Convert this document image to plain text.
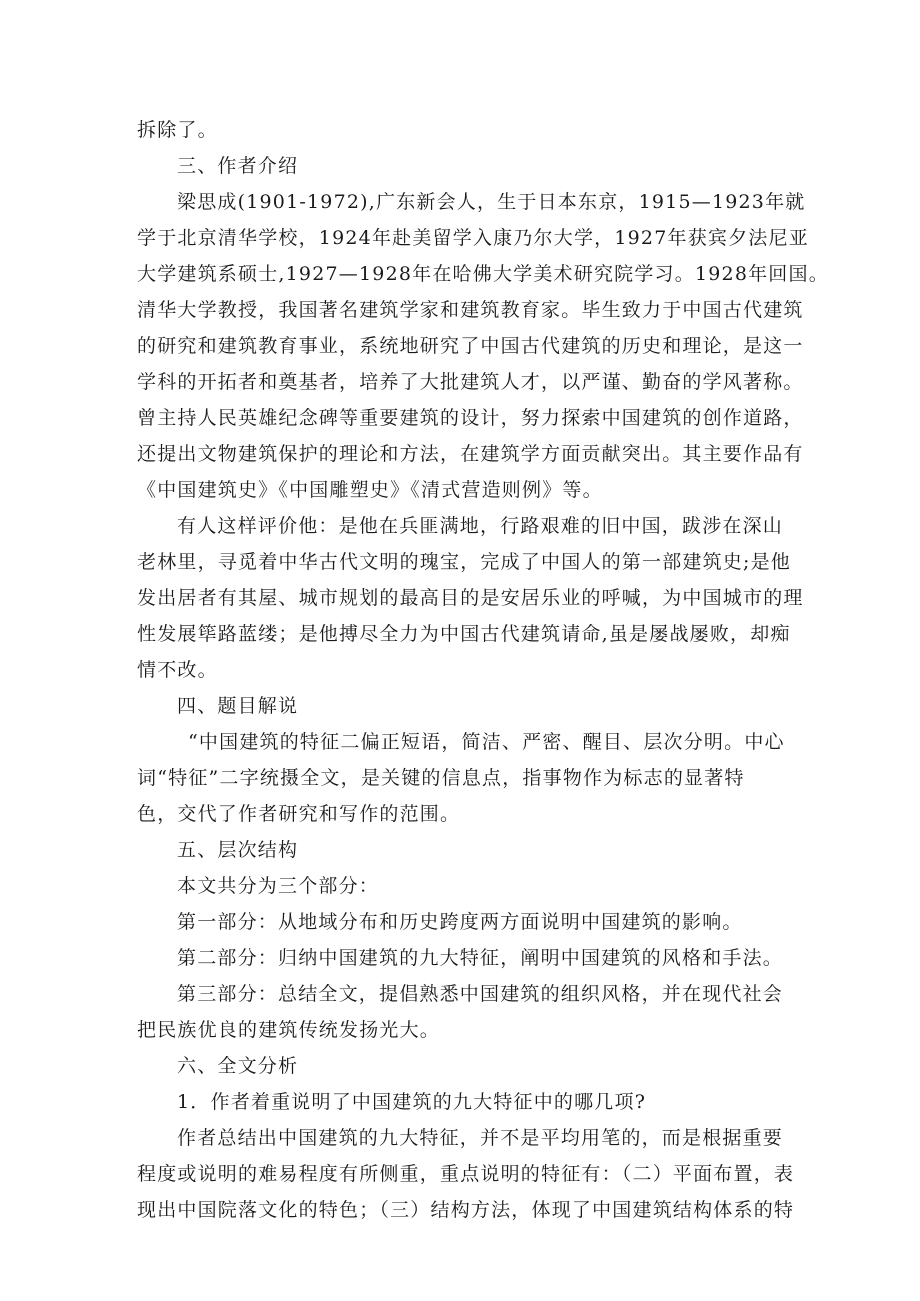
拆除了。
三、作者介绍
梁思成(1901-1972),广东新会人，生于日本东京，1915—1923年就
学于北京清华学校，1924年赴美留学入康乃尔大学，1927年获宾夕法尼亚
大学建筑系硕士,1927—1928年在哈佛大学美术研究院学习。1928年回国。
清华大学教授，我国著名建筑学家和建筑教育家。毕生致力于中国古代建筑
的研究和建筑教育事业，系统地研究了中国古代建筑的历史和理论，是这一
学科的开拓者和奠基者，培养了大批建筑人才，以严谨、勤奋的学风著称。
曾主持人民英雄纪念碑等重要建筑的设计，努力探索中国建筑的创作道路，
还提出文物建筑保护的理论和方法，在建筑学方面贡献突出。其主要作品有
《中国建筑史》《中国雕塑史》《清式营造则例》等。
有人这样评价他：是他在兵匪满地，行路艰难的旧中国，跋涉在深山
老林里，寻觅着中华古代文明的瑰宝，完成了中国人的第一部建筑史;是他
发出居者有其屋、城市规划的最高目的是安居乐业的呼喊，为中国城市的理
性发展筚路蓝缕；是他搏尽全力为中国古代建筑请命,虽是屡战屡败，却痴
情不改。
四、题目解说
“中国建筑的特征二偏正短语，简洁、严密、醒目、层次分明。中心
词“特征”二字统摄全文，是关键的信息点，指事物作为标志的显著特
色，交代了作者研究和写作的范围。
五、层次结构
本文共分为三个部分：
第一部分：从地域分布和历史跨度两方面说明中国建筑的影响。
第二部分：归纳中国建筑的九大特征，阐明中国建筑的风格和手法。
第三部分：总结全文，提倡熟悉中国建筑的组织风格，并在现代社会
把民族优良的建筑传统发扬光大。
六、全文分析
1．作者着重说明了中国建筑的九大特征中的哪几项?
作者总结出中国建筑的九大特征，并不是平均用笔的，而是根据重要
程度或说明的难易程度有所侧重，重点说明的特征有：（二）平面布置，表
现出中国院落文化的特色；（三）结构方法，体现了中国建筑结构体系的特
